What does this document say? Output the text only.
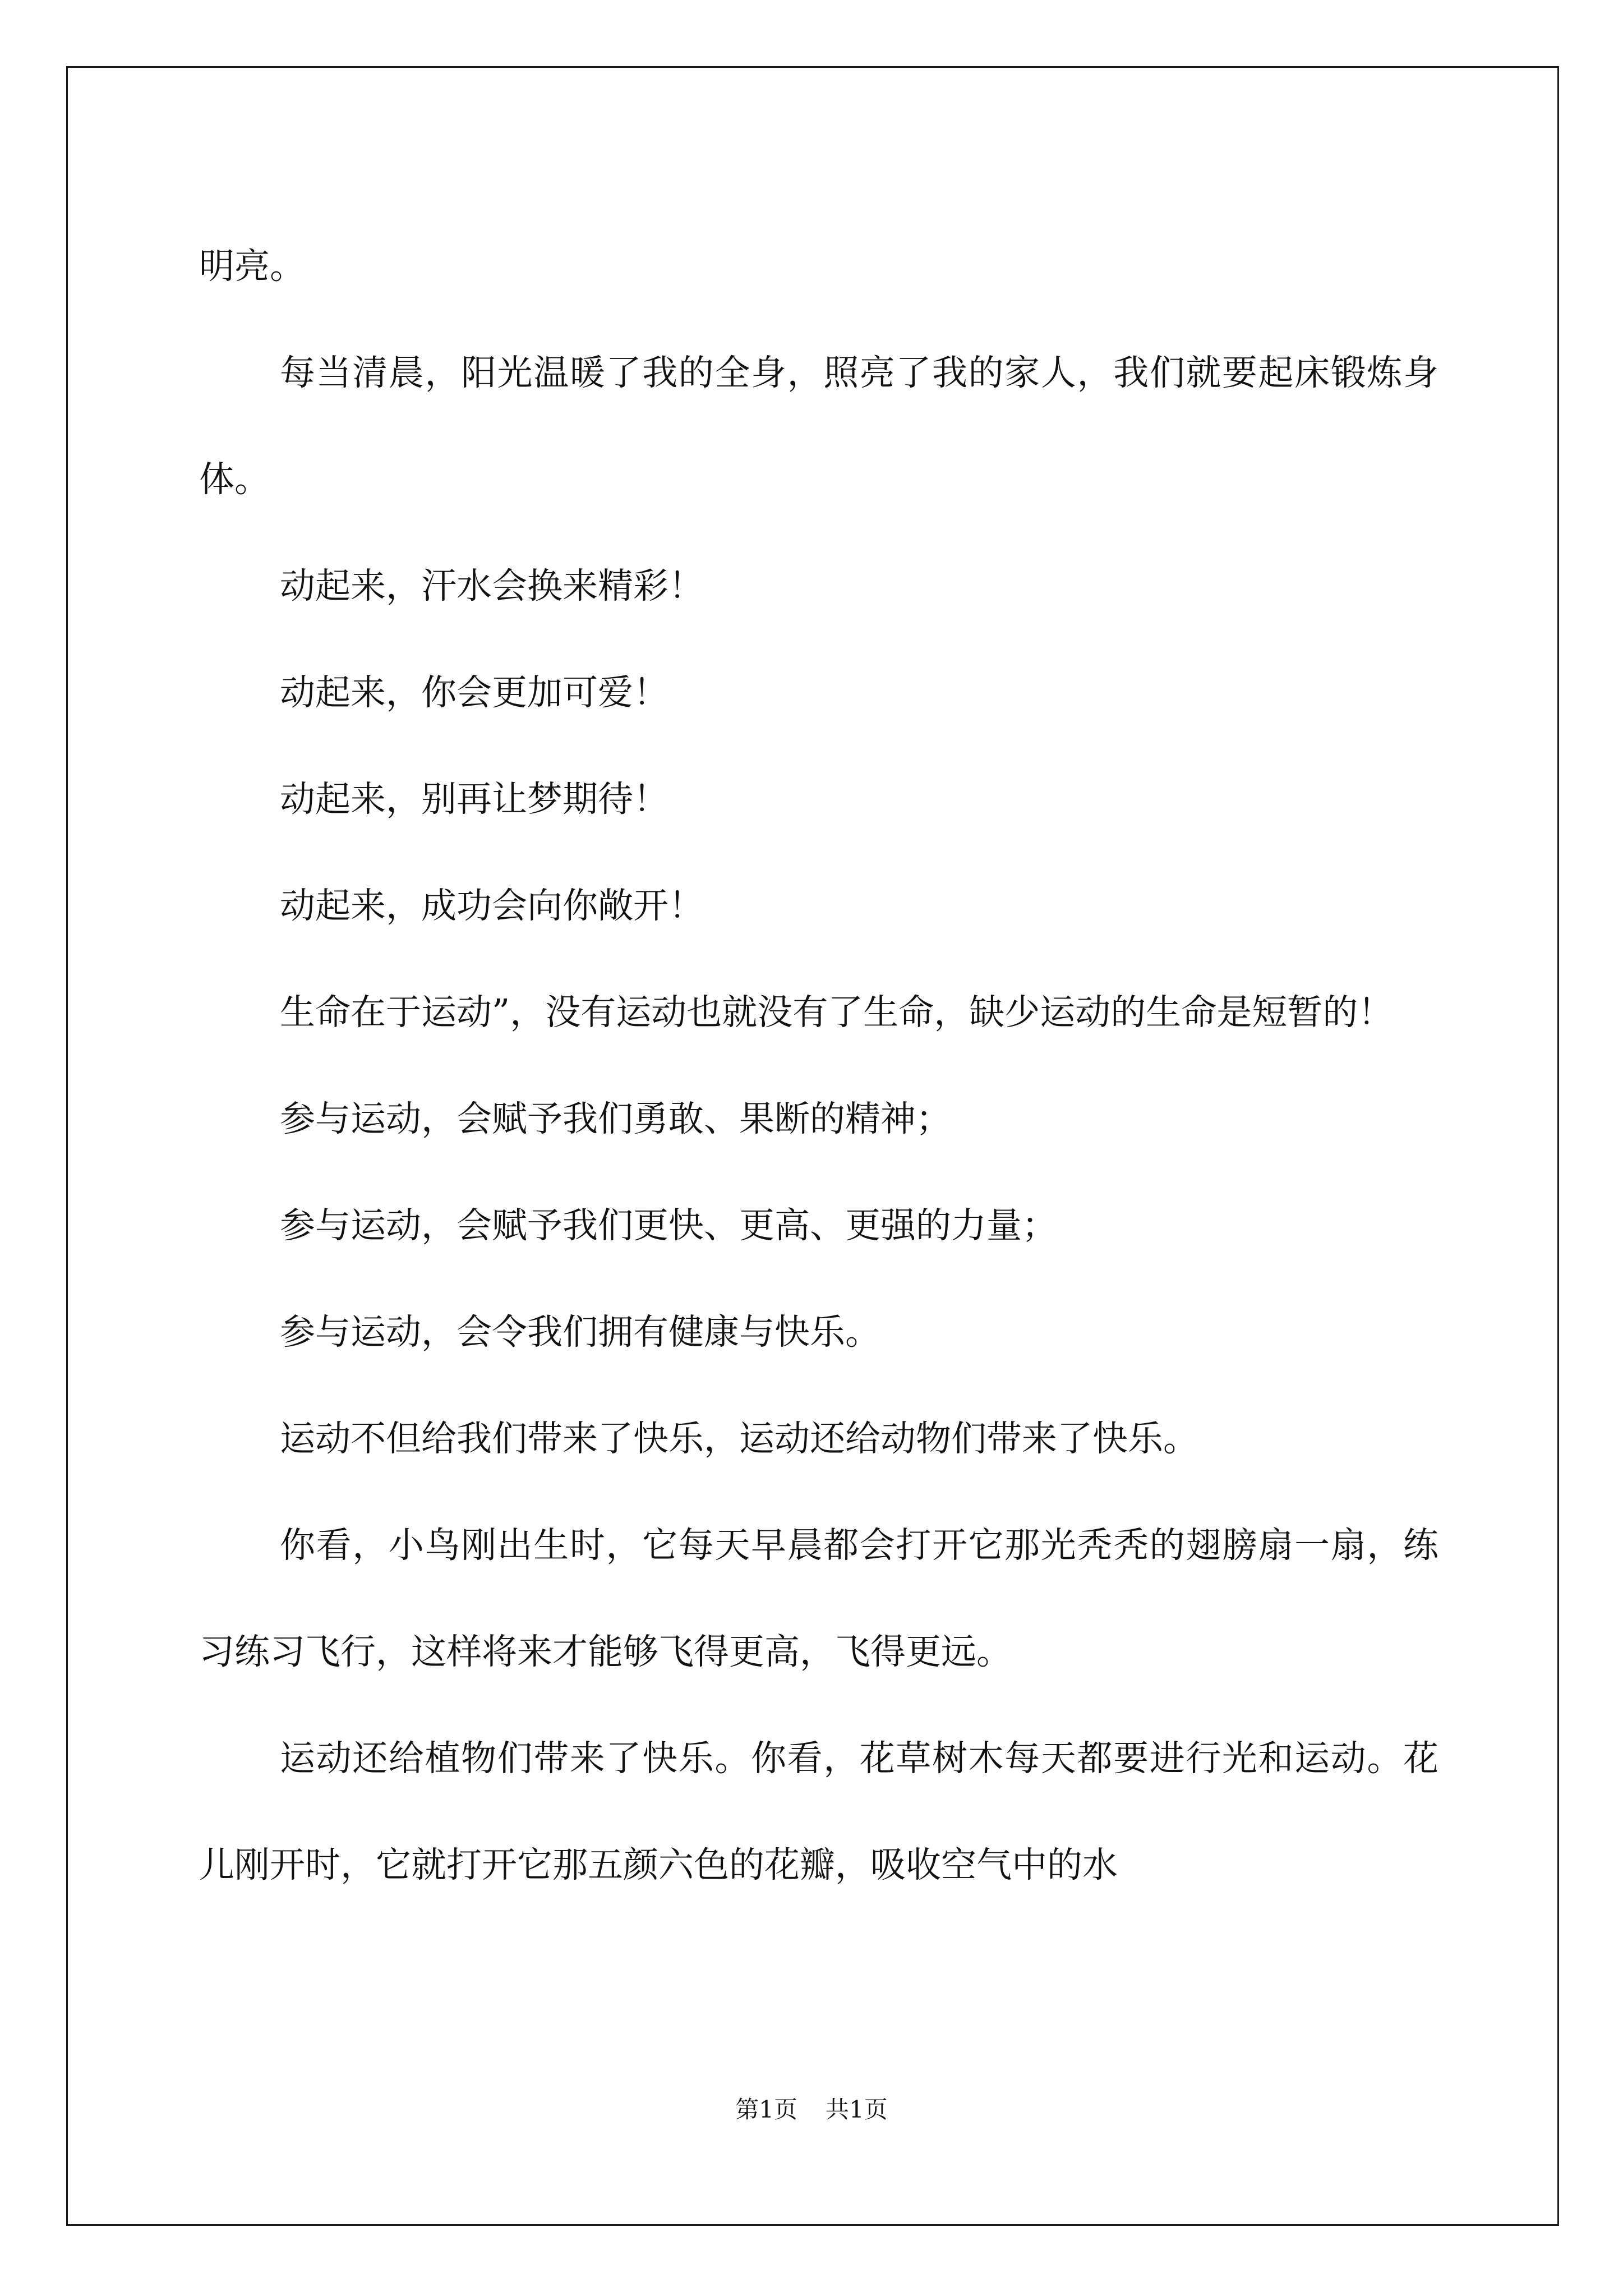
明亮。

每当清晨，阳光温暖了我的全身，照亮了我的家人，我们就要起床锻炼身体。

动起来，汗水会换来精彩！

动起来，你会更加可爱！

动起来，别再让梦期待！

动起来，成功会向你敞开！

生命在于运动”，没有运动也就没有了生命，缺少运动的生命是短暂的！

参与运动，会赋予我们勇敢、果断的精神；

参与运动，会赋予我们更快、更高、更强的力量；

参与运动，会令我们拥有健康与快乐。

运动不但给我们带来了快乐，运动还给动物们带来了快乐。

你看，小鸟刚出生时，它每天早晨都会打开它那光秃秃的翅膀扇一扇，练习练习飞行，这样将来才能够飞得更高，飞得更远。

运动还给植物们带来了快乐。你看，花草树木每天都要进行光和运动。花儿刚开时，它就打开它那五颜六色的花瓣，吸收空气中的水

第1页 共1页
